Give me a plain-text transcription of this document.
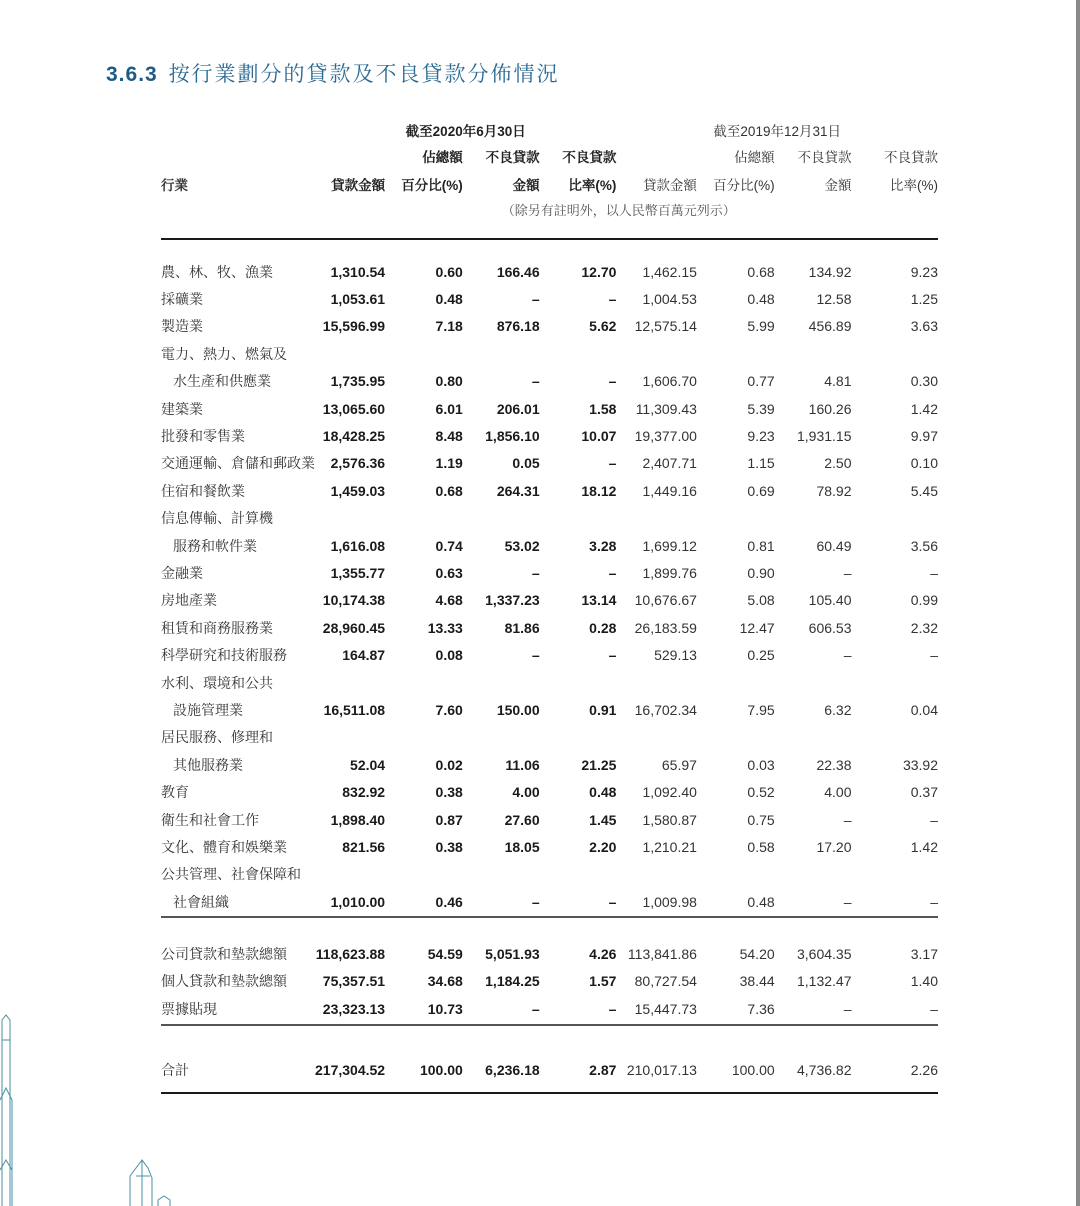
3.6.3 按行業劃分的貸款及不良貸款分佈情況
	截至2020年6月30日				截至2019年12月31日			
		佔總額	不良貸款	不良貸款		佔總額	不良貸款	不良貸款
行業	貸款金額	百分比(%)	金額	比率(%)	貸款金額	百分比(%)	金額	比率(%)
			（除另有註明外，以人民幣百萬元列示）					

農、林、牧、漁業	1,310.54	0.60	166.46	12.70	1,462.15	0.68	134.92	9.23
採礦業	1,053.61	0.48	–	–	1,004.53	0.48	12.58	1.25
製造業	15,596.99	7.18	876.18	5.62	12,575.14	5.99	456.89	3.63
電力、熱力、燃氣及								
水生產和供應業	1,735.95	0.80	–	–	1,606.70	0.77	4.81	0.30
建築業	13,065.60	6.01	206.01	1.58	11,309.43	5.39	160.26	1.42
批發和零售業	18,428.25	8.48	1,856.10	10.07	19,377.00	9.23	1,931.15	9.97
交通運輸、倉儲和郵政業	2,576.36	1.19	0.05	–	2,407.71	1.15	2.50	0.10
住宿和餐飲業	1,459.03	0.68	264.31	18.12	1,449.16	0.69	78.92	5.45
信息傳輸、計算機								
服務和軟件業	1,616.08	0.74	53.02	3.28	1,699.12	0.81	60.49	3.56
金融業	1,355.77	0.63	–	–	1,899.76	0.90	–	–
房地產業	10,174.38	4.68	1,337.23	13.14	10,676.67	5.08	105.40	0.99
租賃和商務服務業	28,960.45	13.33	81.86	0.28	26,183.59	12.47	606.53	2.32
科學研究和技術服務	164.87	0.08	–	–	529.13	0.25	–	–
水利、環境和公共								
設施管理業	16,511.08	7.60	150.00	0.91	16,702.34	7.95	6.32	0.04
居民服務、修理和								
其他服務業	52.04	0.02	11.06	21.25	65.97	0.03	22.38	33.92
教育	832.92	0.38	4.00	0.48	1,092.40	0.52	4.00	0.37
衛生和社會工作	1,898.40	0.87	27.60	1.45	1,580.87	0.75	–	–
文化、體育和娛樂業	821.56	0.38	18.05	2.20	1,210.21	0.58	17.20	1.42
公共管理、社會保障和								
社會組織	1,010.00	0.46	–	–	1,009.98	0.48	–	–

公司貸款和墊款總額	118,623.88	54.59	5,051.93	4.26	113,841.86	54.20	3,604.35	3.17
個人貸款和墊款總額	75,357.51	34.68	1,184.25	1.57	80,727.54	38.44	1,132.47	1.40
票據貼現	23,323.13	10.73	–	–	15,447.73	7.36	–	–

合計	217,304.52	100.00	6,236.18	2.87	210,017.13	100.00	4,736.82	2.26
